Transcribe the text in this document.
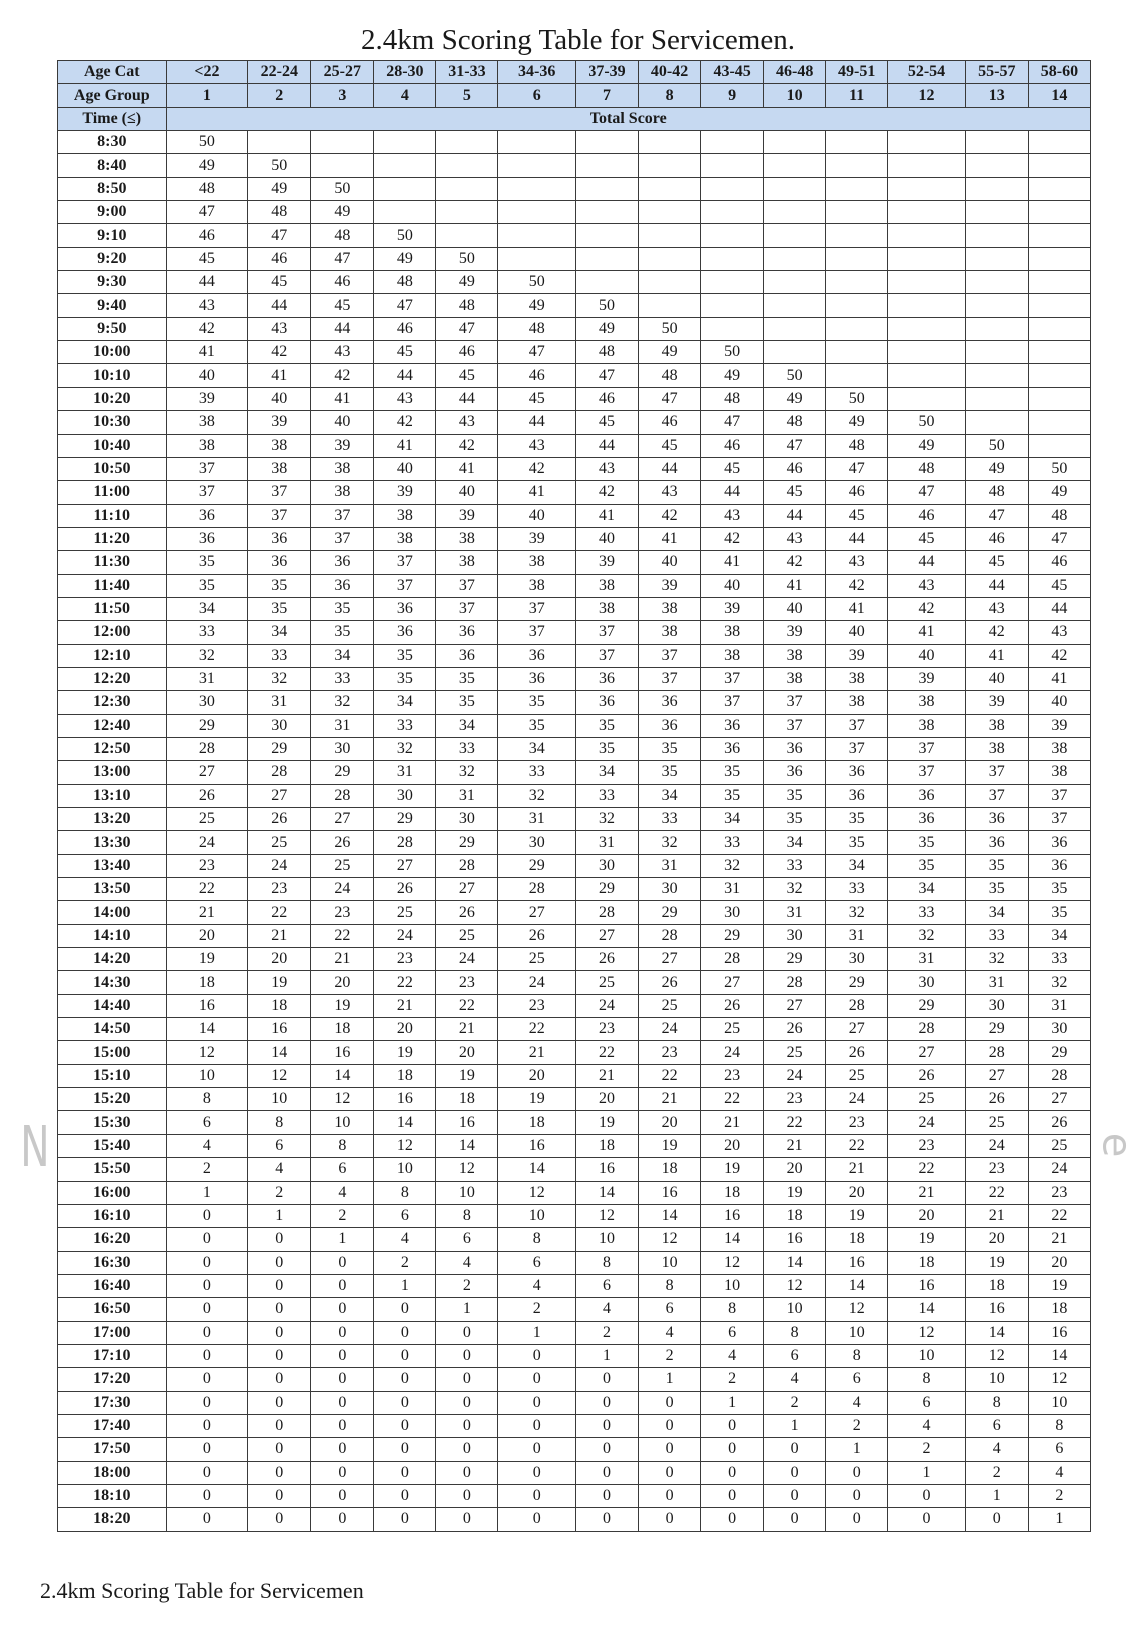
2.4km Scoring Table for Servicemen.
Age Cat	<22	22-24	25-27	28-30	31-33	34-36	37-39	40-42	43-45	46-48	49-51	52-54	55-57	58-60
Age Group	1	2	3	4	5	6	7	8	9	10	11	12	13	14
Time (≤)	Total Score													
8:30	50													
8:40	49	50												
8:50	48	49	50											
9:00	47	48	49											
9:10	46	47	48	50										
9:20	45	46	47	49	50									
9:30	44	45	46	48	49	50								
9:40	43	44	45	47	48	49	50							
9:50	42	43	44	46	47	48	49	50						
10:00	41	42	43	45	46	47	48	49	50					
10:10	40	41	42	44	45	46	47	48	49	50				
10:20	39	40	41	43	44	45	46	47	48	49	50			
10:30	38	39	40	42	43	44	45	46	47	48	49	50		
10:40	38	38	39	41	42	43	44	45	46	47	48	49	50	
10:50	37	38	38	40	41	42	43	44	45	46	47	48	49	50
11:00	37	37	38	39	40	41	42	43	44	45	46	47	48	49
11:10	36	37	37	38	39	40	41	42	43	44	45	46	47	48
11:20	36	36	37	38	38	39	40	41	42	43	44	45	46	47
11:30	35	36	36	37	38	38	39	40	41	42	43	44	45	46
11:40	35	35	36	37	37	38	38	39	40	41	42	43	44	45
11:50	34	35	35	36	37	37	38	38	39	40	41	42	43	44
12:00	33	34	35	36	36	37	37	38	38	39	40	41	42	43
12:10	32	33	34	35	36	36	37	37	38	38	39	40	41	42
12:20	31	32	33	35	35	36	36	37	37	38	38	39	40	41
12:30	30	31	32	34	35	35	36	36	37	37	38	38	39	40
12:40	29	30	31	33	34	35	35	36	36	37	37	38	38	39
12:50	28	29	30	32	33	34	35	35	36	36	37	37	38	38
13:00	27	28	29	31	32	33	34	35	35	36	36	37	37	38
13:10	26	27	28	30	31	32	33	34	35	35	36	36	37	37
13:20	25	26	27	29	30	31	32	33	34	35	35	36	36	37
13:30	24	25	26	28	29	30	31	32	33	34	35	35	36	36
13:40	23	24	25	27	28	29	30	31	32	33	34	35	35	36
13:50	22	23	24	26	27	28	29	30	31	32	33	34	35	35
14:00	21	22	23	25	26	27	28	29	30	31	32	33	34	35
14:10	20	21	22	24	25	26	27	28	29	30	31	32	33	34
14:20	19	20	21	23	24	25	26	27	28	29	30	31	32	33
14:30	18	19	20	22	23	24	25	26	27	28	29	30	31	32
14:40	16	18	19	21	22	23	24	25	26	27	28	29	30	31
14:50	14	16	18	20	21	22	23	24	25	26	27	28	29	30
15:00	12	14	16	19	20	21	22	23	24	25	26	27	28	29
15:10	10	12	14	18	19	20	21	22	23	24	25	26	27	28
15:20	8	10	12	16	18	19	20	21	22	23	24	25	26	27
15:30	6	8	10	14	16	18	19	20	21	22	23	24	25	26
15:40	4	6	8	12	14	16	18	19	20	21	22	23	24	25
15:50	2	4	6	10	12	14	16	18	19	20	21	22	23	24
16:00	1	2	4	8	10	12	14	16	18	19	20	21	22	23
16:10	0	1	2	6	8	10	12	14	16	18	19	20	21	22
16:20	0	0	1	4	6	8	10	12	14	16	18	19	20	21
16:30	0	0	0	2	4	6	8	10	12	14	16	18	19	20
16:40	0	0	0	1	2	4	6	8	10	12	14	16	18	19
16:50	0	0	0	0	1	2	4	6	8	10	12	14	16	18
17:00	0	0	0	0	0	1	2	4	6	8	10	12	14	16
17:10	0	0	0	0	0	0	1	2	4	6	8	10	12	14
17:20	0	0	0	0	0	0	0	1	2	4	6	8	10	12
17:30	0	0	0	0	0	0	0	0	1	2	4	6	8	10
17:40	0	0	0	0	0	0	0	0	0	1	2	4	6	8
17:50	0	0	0	0	0	0	0	0	0	0	1	2	4	6
18:00	0	0	0	0	0	0	0	0	0	0	0	1	2	4
18:10	0	0	0	0	0	0	0	0	0	0	0	0	1	2
18:20	0	0	0	0	0	0	0	0	0	0	0	0	0	1
2.4km Scoring Table for Servicemen
N	e
